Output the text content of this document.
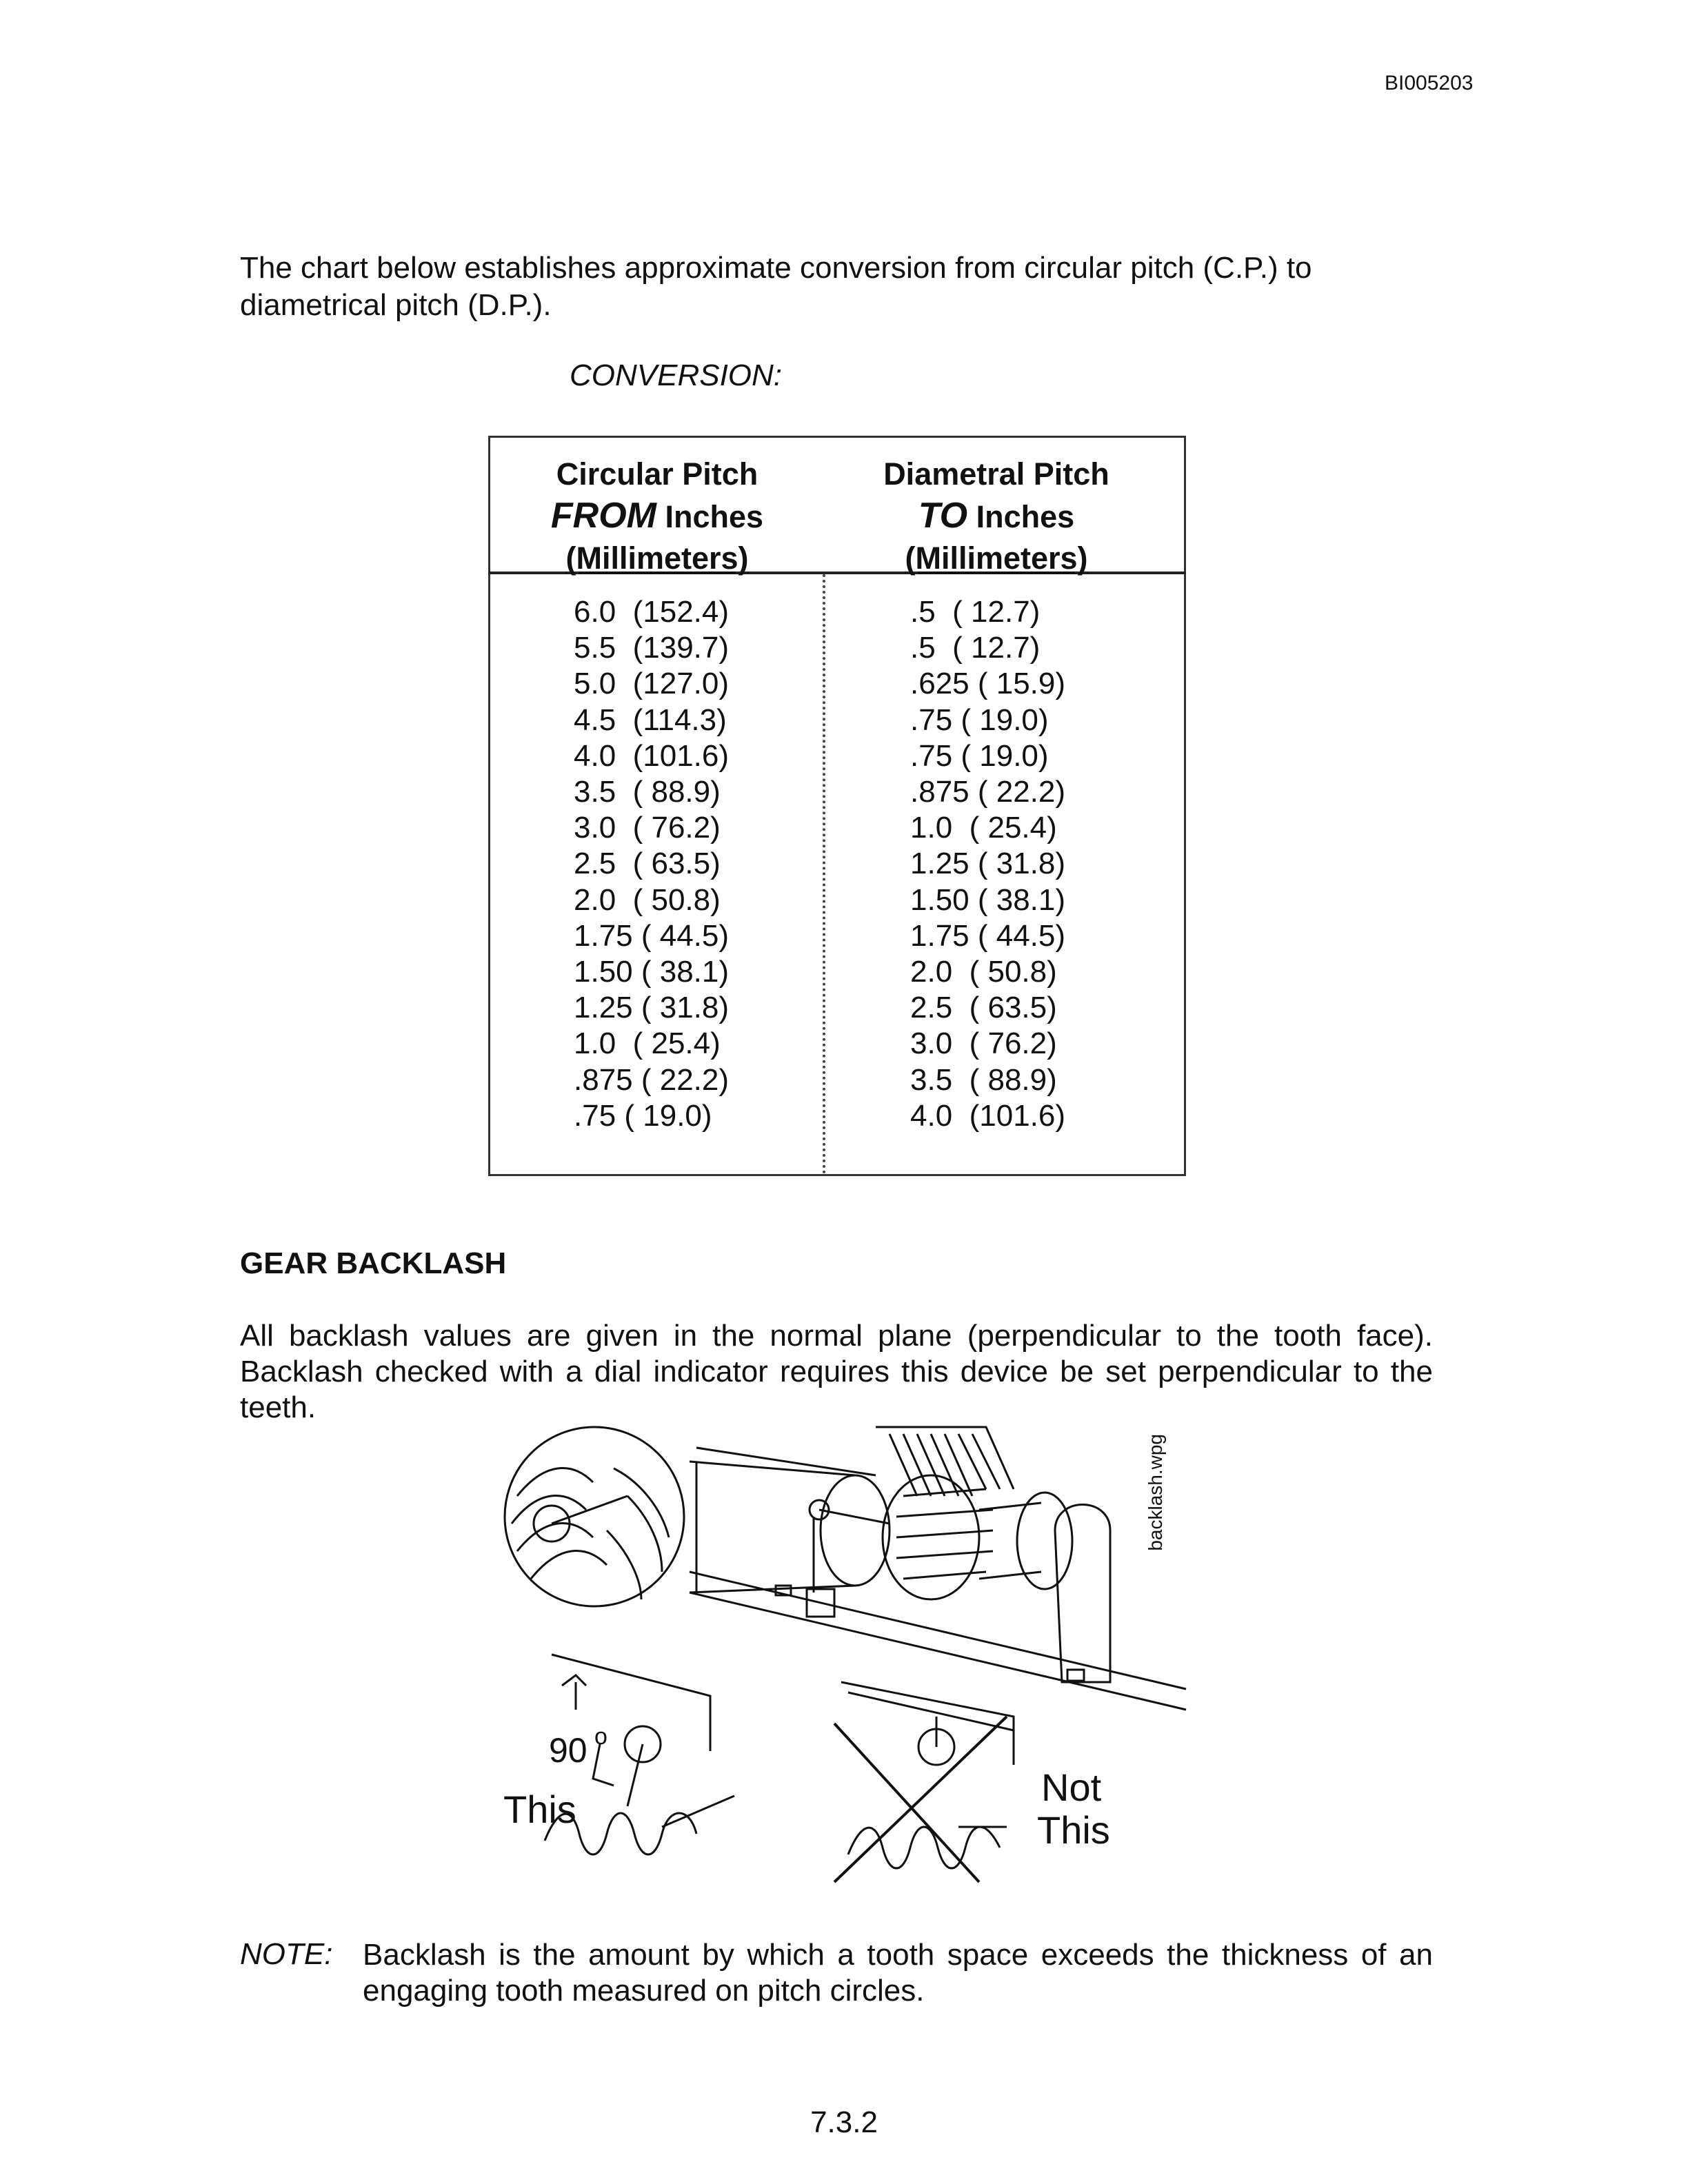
BI005203
The chart below establishes approximate conversion from circular pitch (C.P.) to diametrical pitch (D.P.).
CONVERSION:
Circular Pitch
FROM Inches
(Millimeters)
Diametral Pitch
TO Inches
(Millimeters)
6.0  (152.4)
5.5  (139.7)
5.0  (127.0)
4.5  (114.3)
4.0  (101.6)
3.5  ( 88.9)
3.0  ( 76.2)
2.5  ( 63.5)
2.0  ( 50.8)
1.75 ( 44.5)
1.50 ( 38.1)
1.25 ( 31.8)
1.0  ( 25.4)
.875 ( 22.2)
.75 ( 19.0)
.5  ( 12.7)
.5  ( 12.7)
.625 ( 15.9)
.75 ( 19.0)
.75 ( 19.0)
.875 ( 22.2)
1.0  ( 25.4)
1.25 ( 31.8)
1.50 ( 38.1)
1.75 ( 44.5)
2.0  ( 50.8)
2.5  ( 63.5)
3.0  ( 76.2)
3.5  ( 88.9)
4.0  (101.6)
GEAR BACKLASH
All backlash values are given in the normal plane (perpendicular to the tooth face). Backlash checked with a dial indicator requires this device be set perpendicular to the teeth.
backlash.wpg
90 o
This
Not
This
NOTE: Backlash is the amount by which a tooth space exceeds the thickness of an engaging tooth measured on pitch circles.
7.3.2
